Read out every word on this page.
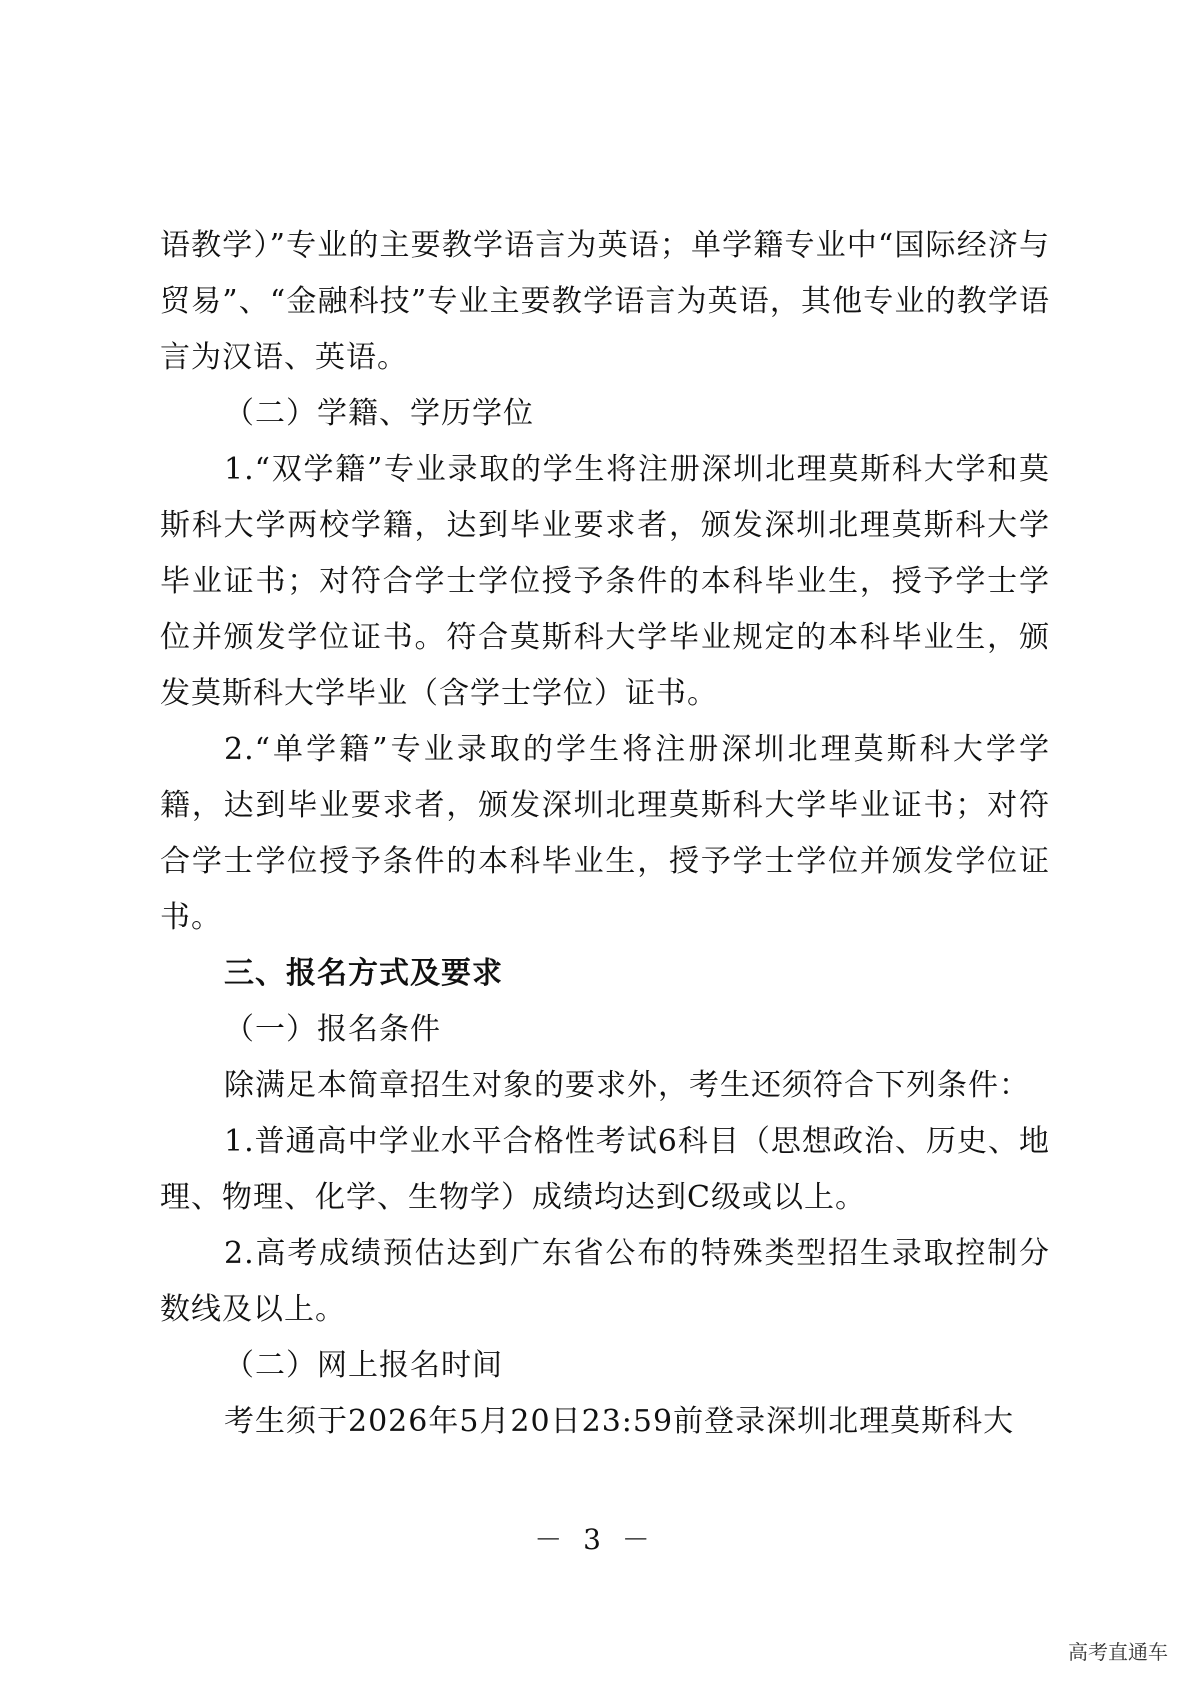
语教学）”专业的主要教学语言为英语；单学籍专业中“国际经济与贸易”、“金融科技”专业主要教学语言为英语，其他专业的教学语言为汉语、英语。

（二）学籍、学历学位

1.“双学籍”专业录取的学生将注册深圳北理莫斯科大学和莫斯科大学两校学籍，达到毕业要求者，颁发深圳北理莫斯科大学毕业证书；对符合学士学位授予条件的本科毕业生，授予学士学位并颁发学位证书。符合莫斯科大学毕业规定的本科毕业生，颁发莫斯科大学毕业（含学士学位）证书。

2.“单学籍”专业录取的学生将注册深圳北理莫斯科大学学籍，达到毕业要求者，颁发深圳北理莫斯科大学毕业证书；对符合学士学位授予条件的本科毕业生，授予学士学位并颁发学位证书。

三、报名方式及要求

（一）报名条件

除满足本简章招生对象的要求外，考生还须符合下列条件：

1.普通高中学业水平合格性考试6科目（思想政治、历史、地理、物理、化学、生物学）成绩均达到C级或以上。

2.高考成绩预估达到广东省公布的特殊类型招生录取控制分数线及以上。

（二）网上报名时间

考生须于2026年5月20日23:59前登录深圳北理莫斯科大

－ 3 －
高考直通车
